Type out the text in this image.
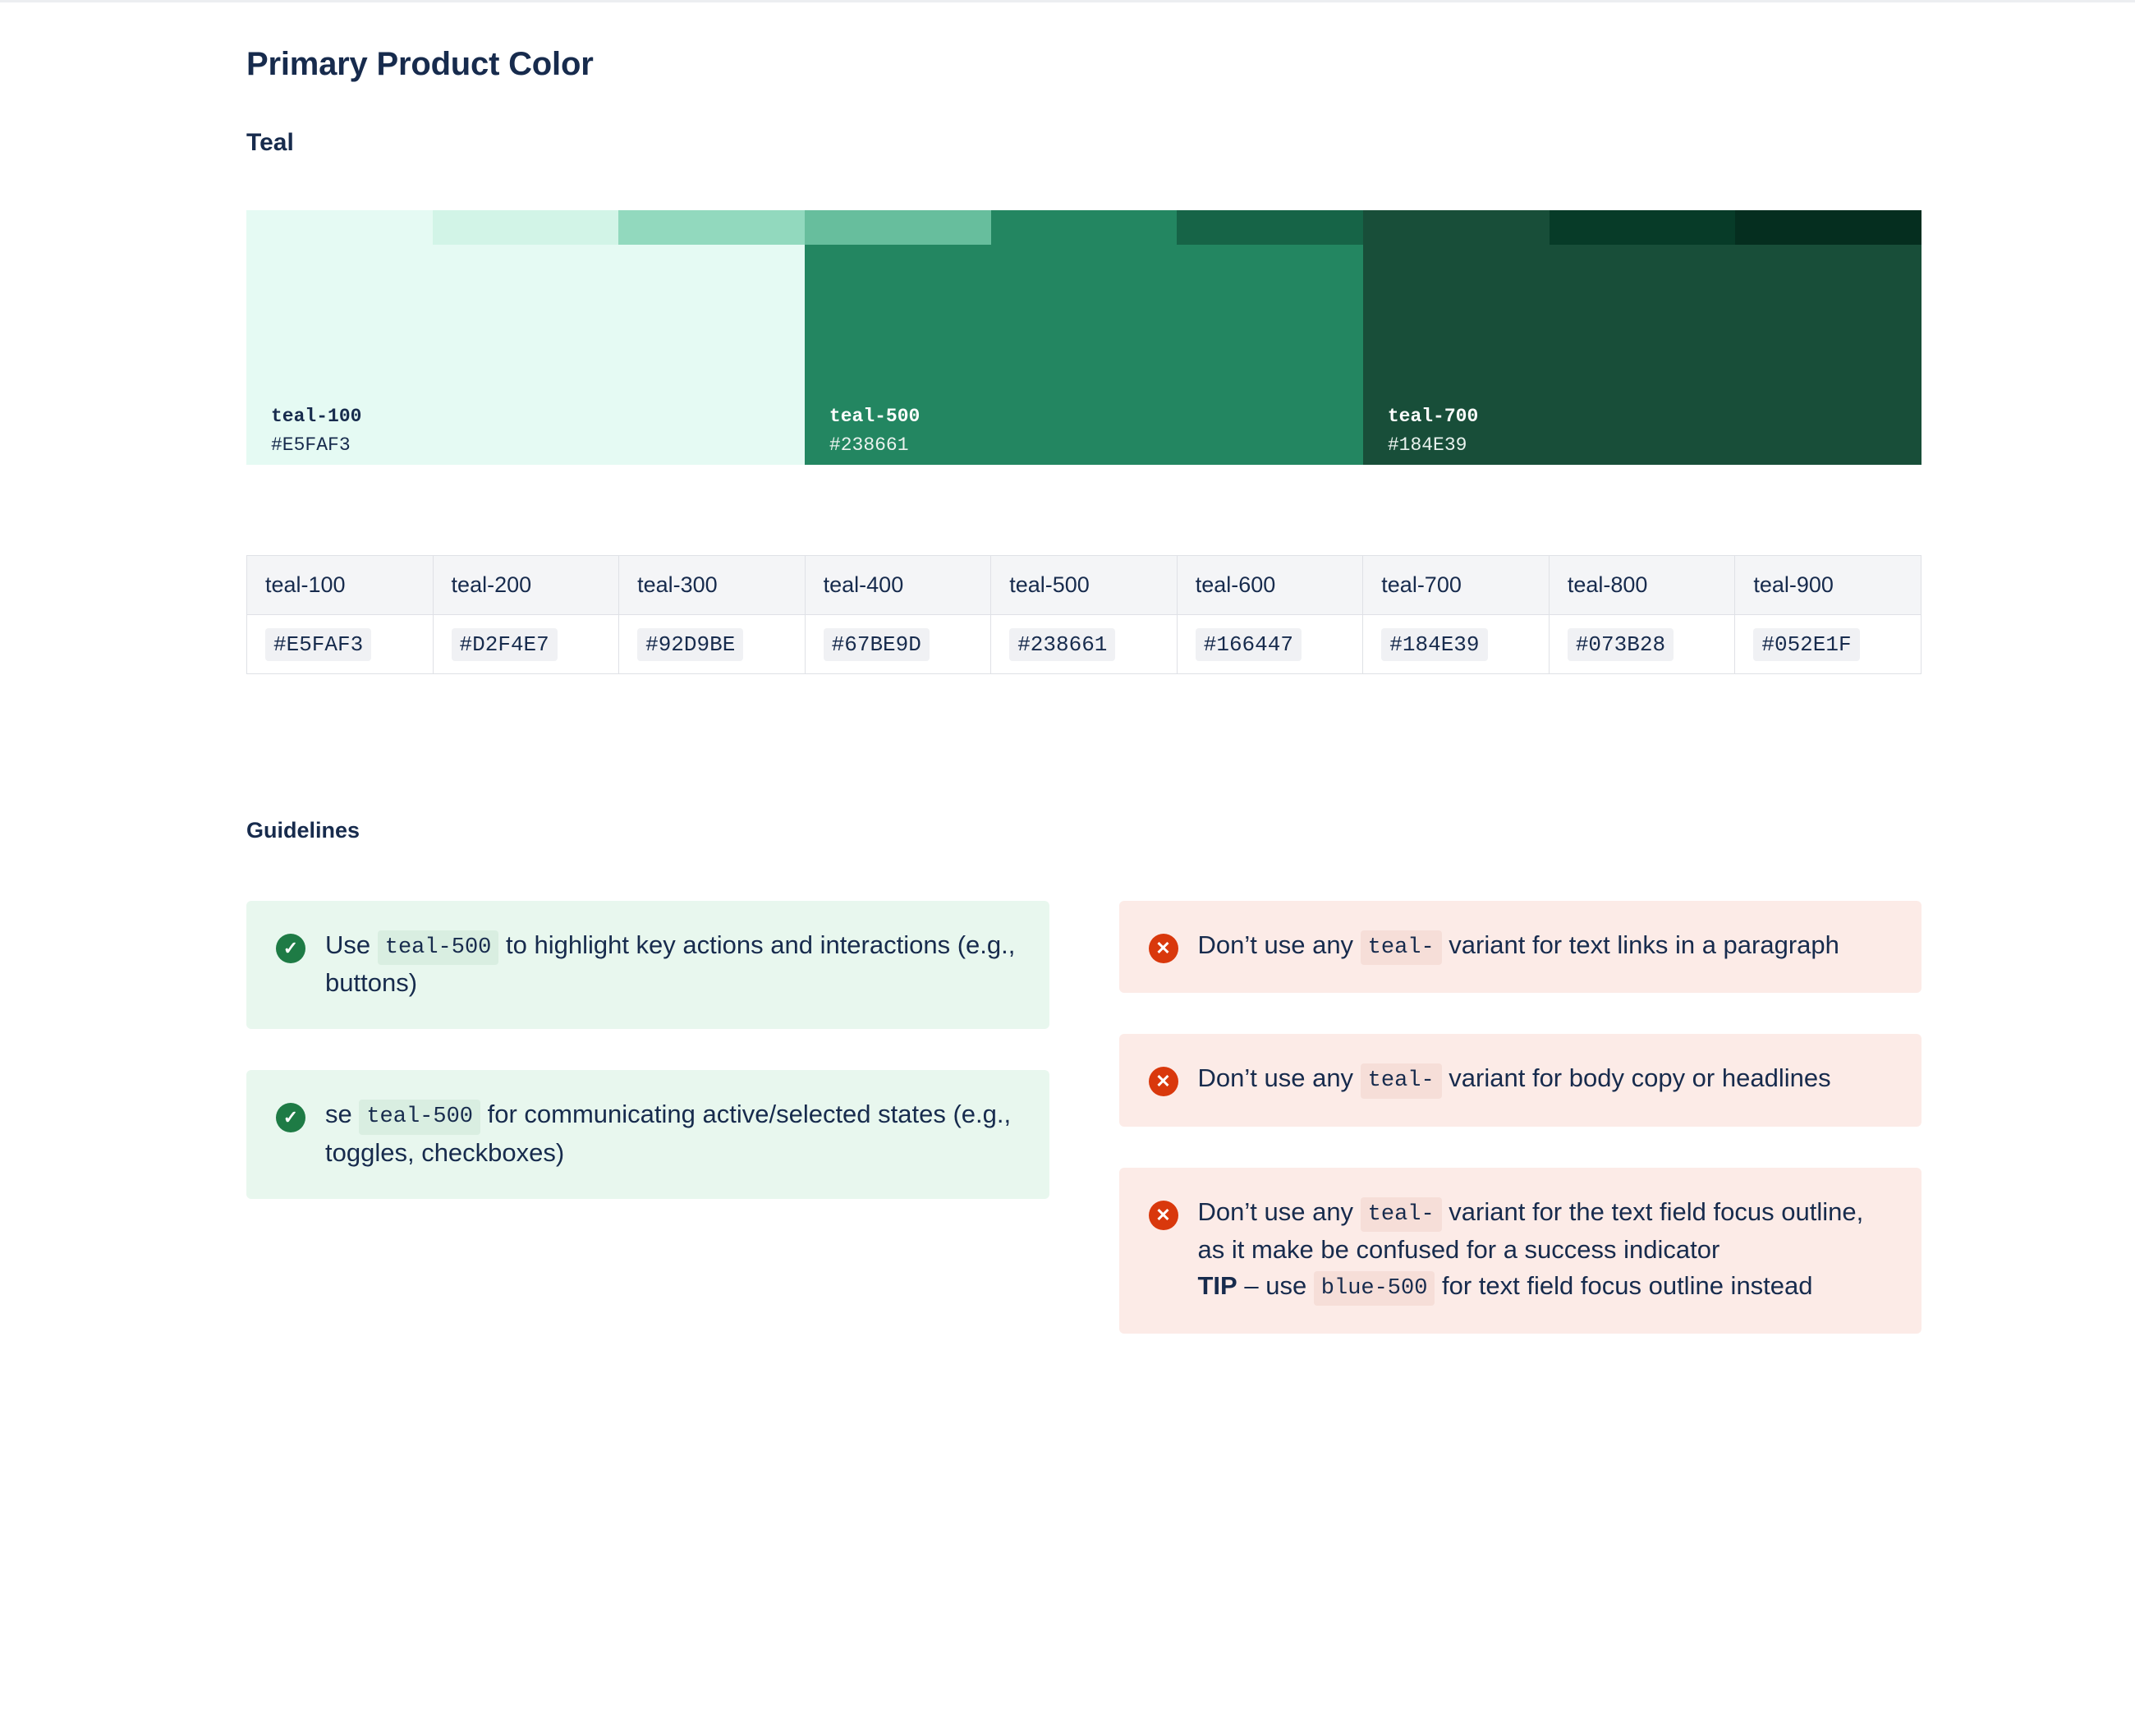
Primary Product Color
Teal
teal-100
#E5FAF3
teal-500
#238661
teal-700
#184E39
teal-100	teal-200	teal-300	teal-400	teal-500	teal-600	teal-700	teal-800	teal-900
#E5FAF3	#D2F4E7	#92D9BE	#67BE9D	#238661	#166447	#184E39	#073B28	#052E1F
Guidelines
✓ Use teal-500 to highlight key actions and interactions (e.g., buttons)
✓ se teal-500 for communicating active/selected states (e.g., toggles, checkboxes)
✕ Don’t use any teal- variant for text links in a paragraph
✕ Don’t use any teal- variant for body copy or headlines
✕ Don’t use any teal- variant for the text field focus outline, as it make be confused for a success indicator
TIP – use blue-500 for text field focus outline instead
